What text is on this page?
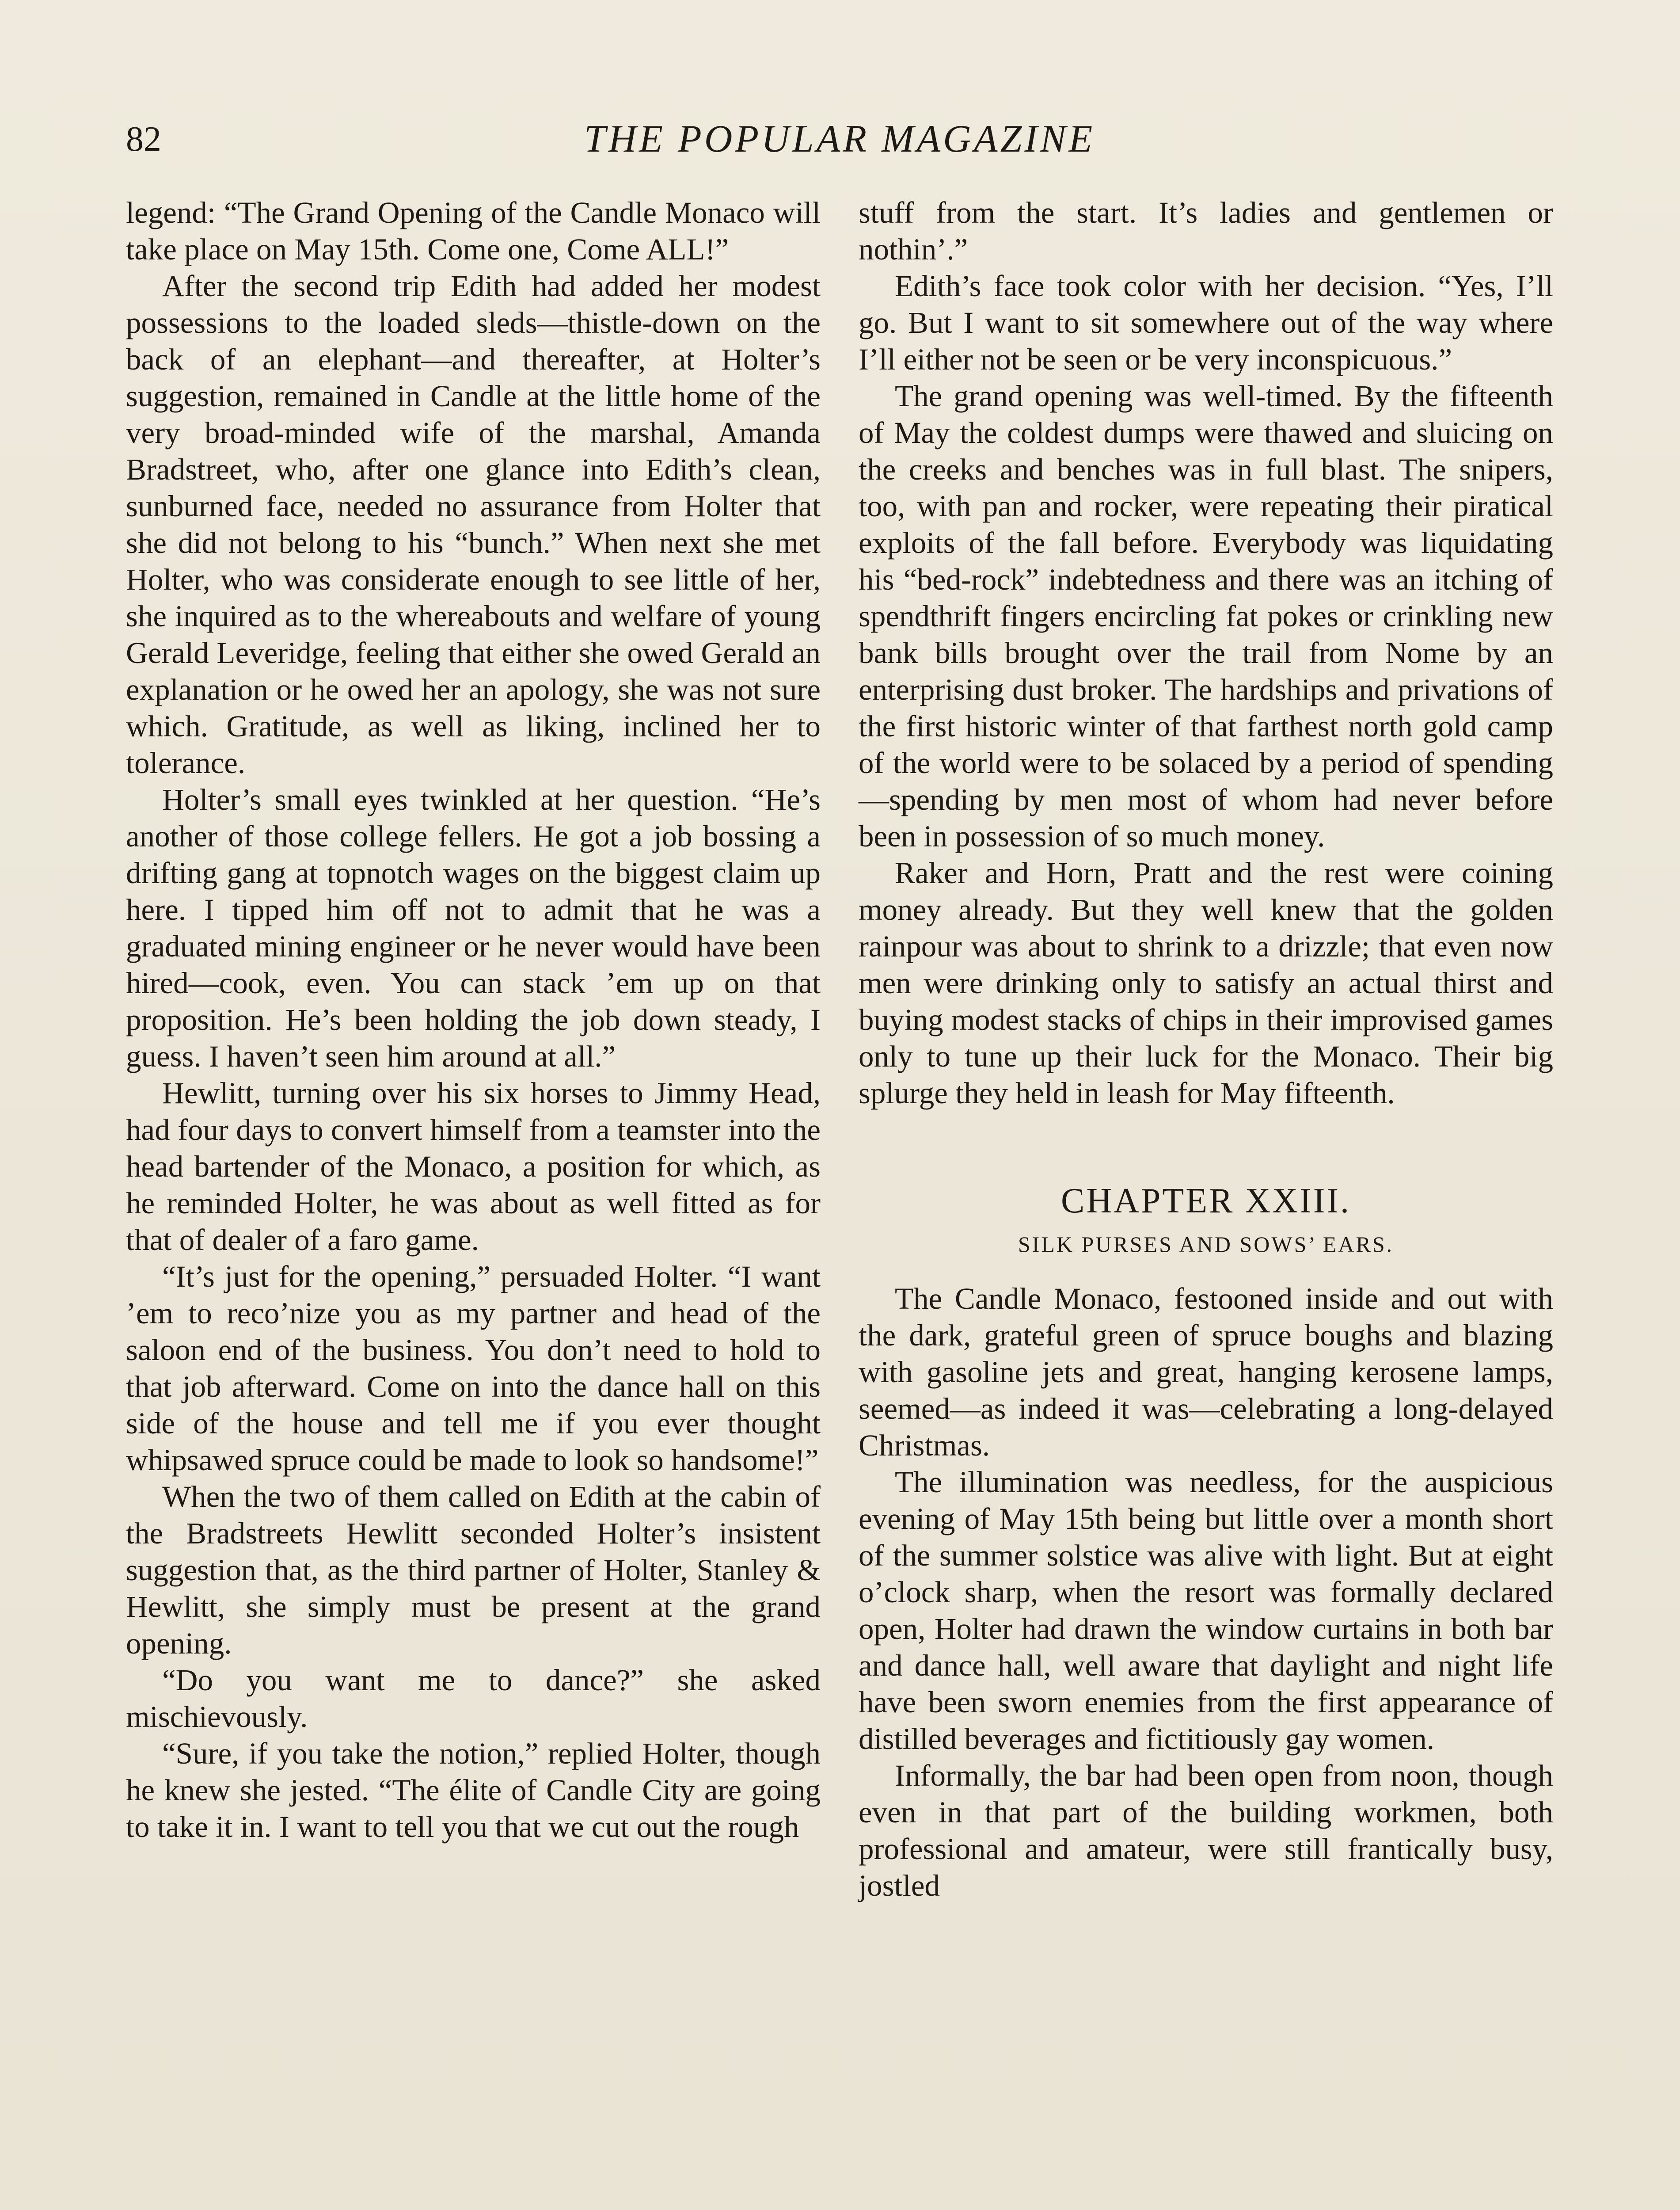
82	THE POPULAR MAGAZINE

legend: “The Grand Opening of the Candle Monaco will take place on May 15th. Come one, Come ALL!”

After the second trip Edith had added her modest possessions to the loaded sleds—thistle-down on the back of an elephant—and thereafter, at Holter’s suggestion, remained in Candle at the little home of the very broad-minded wife of the marshal, Amanda Bradstreet, who, after one glance into Edith’s clean, sunburned face, needed no assurance from Holter that she did not belong to his “bunch.” When next she met Holter, who was considerate enough to see little of her, she inquired as to the whereabouts and welfare of young Gerald Leveridge, feeling that either she owed Gerald an explanation or he owed her an apology, she was not sure which. Gratitude, as well as liking, inclined her to tolerance.

Holter’s small eyes twinkled at her question. “He’s another of those college fellers. He got a job bossing a drifting gang at topnotch wages on the biggest claim up here. I tipped him off not to admit that he was a graduated mining engineer or he never would have been hired—cook, even. You can stack ’em up on that proposition. He’s been holding the job down steady, I guess. I haven’t seen him around at all.”

Hewlitt, turning over his six horses to Jimmy Head, had four days to convert himself from a teamster into the head bartender of the Monaco, a position for which, as he reminded Holter, he was about as well fitted as for that of dealer of a faro game.

“It’s just for the opening,” persuaded Holter. “I want ’em to reco’nize you as my partner and head of the saloon end of the business. You don’t need to hold to that job afterward. Come on into the dance hall on this side of the house and tell me if you ever thought whipsawed spruce could be made to look so handsome!”

When the two of them called on Edith at the cabin of the Bradstreets Hewlitt seconded Holter’s insistent suggestion that, as the third partner of Holter, Stanley & Hewlitt, she simply must be present at the grand opening.

“Do you want me to dance?” she asked mischievously.

“Sure, if you take the notion,” replied Holter, though he knew she jested. “The élite of Candle City are going to take it in. I want to tell you that we cut out the rough

stuff from the start. It’s ladies and gentlemen or nothin’.”

Edith’s face took color with her decision. “Yes, I’ll go. But I want to sit somewhere out of the way where I’ll either not be seen or be very inconspicuous.”

The grand opening was well-timed. By the fifteenth of May the coldest dumps were thawed and sluicing on the creeks and benches was in full blast. The snipers, too, with pan and rocker, were repeating their piratical exploits of the fall before. Everybody was liquidating his “bed-rock” indebtedness and there was an itching of spendthrift fingers encircling fat pokes or crinkling new bank bills brought over the trail from Nome by an enterprising dust broker. The hardships and privations of the first historic winter of that farthest north gold camp of the world were to be solaced by a period of spending—spending by men most of whom had never before been in possession of so much money.

Raker and Horn, Pratt and the rest were coining money already. But they well knew that the golden rainpour was about to shrink to a drizzle; that even now men were drinking only to satisfy an actual thirst and buying modest stacks of chips in their improvised games only to tune up their luck for the Monaco. Their big splurge they held in leash for May fifteenth.

CHAPTER XXIII.
SILK PURSES AND SOWS’ EARS.

The Candle Monaco, festooned inside and out with the dark, grateful green of spruce boughs and blazing with gasoline jets and great, hanging kerosene lamps, seemed—as indeed it was—celebrating a long-delayed Christmas.

The illumination was needless, for the auspicious evening of May 15th being but little over a month short of the summer solstice was alive with light. But at eight o’clock sharp, when the resort was formally declared open, Holter had drawn the window curtains in both bar and dance hall, well aware that daylight and night life have been sworn enemies from the first appearance of distilled beverages and fictitiously gay women.

Informally, the bar had been open from noon, though even in that part of the building workmen, both professional and amateur, were still frantically busy, jostled
